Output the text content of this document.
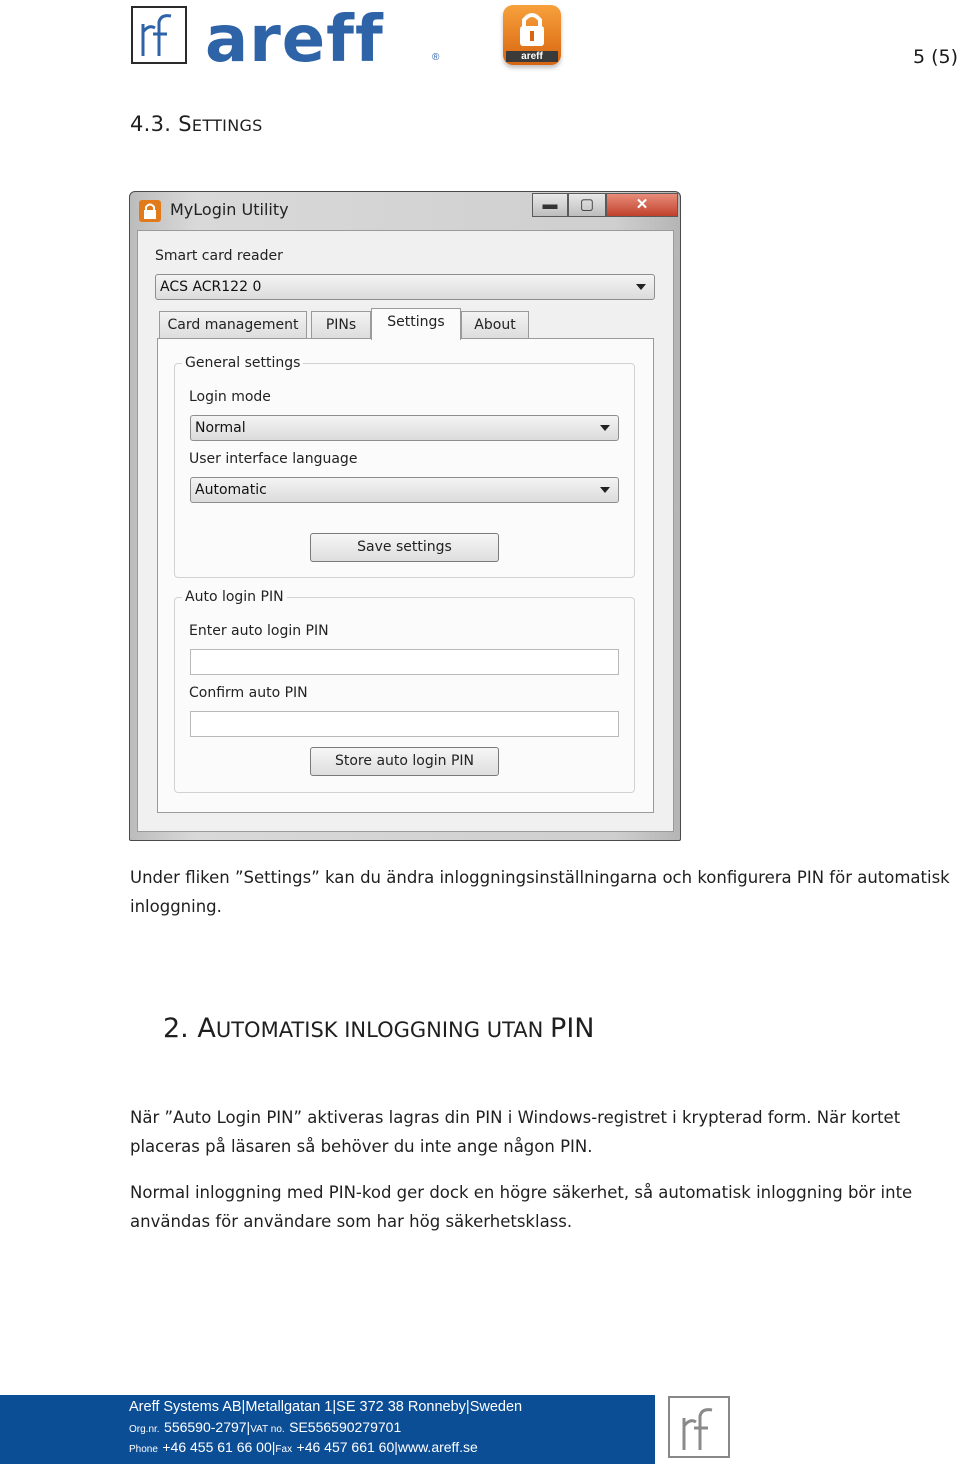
areff	®	areff	5 (5)
4.3. SETTINGS
MyLogin Utility	▬	▢	✕
Smart card reader
ACS ACR122 0
Card management	PINs	Settings	About
General settings
Login mode
Normal
User interface language
Automatic
Save settings
Auto login PIN
Enter auto login PIN
Confirm auto PIN
Store auto login PIN
Under fliken ”Settings” kan du ändra inloggningsinställningarna och konfigurera PIN för automatisk
inloggning.
2. AUTOMATISK INLOGGNING UTAN PIN
När ”Auto Login PIN” aktiveras lagras din PIN i Windows-registret i krypterad form. När kortet
placeras på läsaren så behöver du inte ange någon PIN.
Normal inloggning med PIN-kod ger dock en högre säkerhet, så automatisk inloggning bör inte
användas för användare som har hög säkerhetsklass.
Areff Systems AB|Metallgatan 1|SE 372 38 Ronneby|Sweden
Org.nr. 556590-2797|VAT no. SE556590279701
Phone +46 455 61 66 00|Fax +46 457 661 60|www.areff.se
